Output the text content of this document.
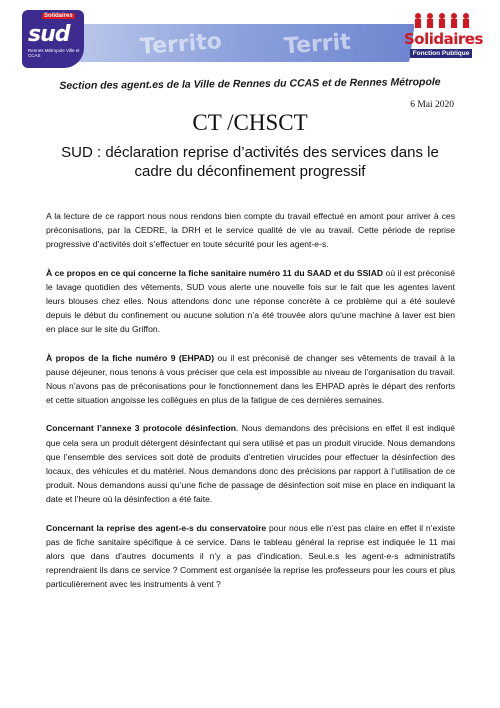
Territo	Territ
Solidaires
sud
Rennes Métropole Ville et CCAS
Solidaires
Fonction Publique
Section des agent.es de la Ville de Rennes du CCAS et de Rennes Métropole
6 Mai 2020
CT /CHSCT
SUD : déclaration reprise d’activités des services dans le cadre du déconfinement progressif

A la lecture de ce rapport nous nous rendons bien compte du travail effectué en amont pour arriver à ces préconisations, par la CEDRE, la DRH et le service qualité de vie au travail. Cette période de reprise progressive d’activités doit s’effectuer en toute sécurité pour les agent-e-s.

À ce propos en ce qui concerne la fiche sanitaire numéro 11 du SAAD et du SSIAD où il est préconisé le lavage quotidien des vêtements, SUD vous alerte une nouvelle fois sur le fait que les agentes lavent leurs blouses chez elles. Nous attendons donc une réponse concrète à ce problème qui a été soulevé depuis le début du confinement ou aucune solution n’a été trouvée alors qu’une machine à laver est bien en place sur le site du Griffon.

À propos de la fiche numéro 9 (EHPAD) ou il est préconisé de changer ses vêtements de travail à la pause déjeuner, nous tenons à vous préciser que cela est impossible au niveau de l’organisation du travail. Nous n’avons pas de préconisations pour le fonctionnement dans les EHPAD après le départ des renforts et cette situation angoisse les collègues en plus de la fatigue de ces dernières semaines.

Concernant l’annexe 3 protocole désinfection. Nous demandons des précisions en effet il est indiqué que cela sera un produit détergent désinfectant qui sera utilisé et pas un produit virucide. Nous demandons que l’ensemble des services soit doté de produits d’entretien virucides pour effectuer la désinfection des locaux, des véhicules et du matériel. Nous demandons donc des précisions par rapport à l’utilisation de ce produit. Nous demandons aussi qu’une fiche de passage de désinfection soit mise en place en indiquant la date et l’heure où la désinfection a été faite.

Concernant la reprise des agent-e-s du conservatoire pour nous elle n’est pas claire en effet il n’existe pas de fiche sanitaire spécifique à ce service. Dans le tableau général la reprise est indiquée le 11 mai alors que dans d’autres documents il n’y a pas d’indication. Seul.e.s les agent-e-s administratifs reprendraient ils dans ce service ? Comment est organisée la reprise les professeurs pour les cours et plus particulièrement avec les instruments à vent ?
